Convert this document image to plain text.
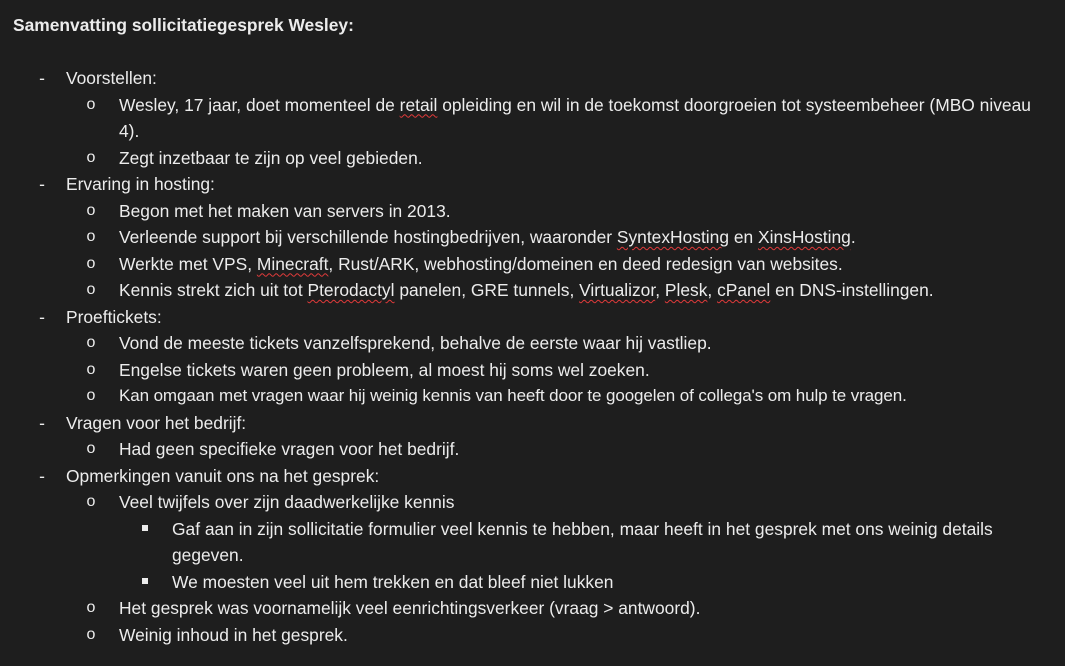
Samenvatting sollicitatiegesprek Wesley:
- Voorstellen:
o Wesley, 17 jaar, doet momenteel de retail opleiding en wil in de toekomst doorgroeien tot systeembeheer (MBO niveau 4).
o Zegt inzetbaar te zijn op veel gebieden.
- Ervaring in hosting:
o Begon met het maken van servers in 2013.
o Verleende support bij verschillende hostingbedrijven, waaronder SyntexHosting en XinsHosting.
o Werkte met VPS, Minecraft, Rust/ARK, webhosting/domeinen en deed redesign van websites.
o Kennis strekt zich uit tot Pterodactyl panelen, GRE tunnels, Virtualizor, Plesk, cPanel en DNS-instellingen.
- Proeftickets:
o Vond de meeste tickets vanzelfsprekend, behalve de eerste waar hij vastliep.
o Engelse tickets waren geen probleem, al moest hij soms wel zoeken.
o Kan omgaan met vragen waar hij weinig kennis van heeft door te googelen of collega's om hulp te vragen.
- Vragen voor het bedrijf:
o Had geen specifieke vragen voor het bedrijf.
- Opmerkingen vanuit ons na het gesprek:
o Veel twijfels over zijn daadwerkelijke kennis
Gaf aan in zijn sollicitatie formulier veel kennis te hebben, maar heeft in het gesprek met ons weinig details gegeven.
We moesten veel uit hem trekken en dat bleef niet lukken
o Het gesprek was voornamelijk veel eenrichtingsverkeer (vraag > antwoord).
o Weinig inhoud in het gesprek.
